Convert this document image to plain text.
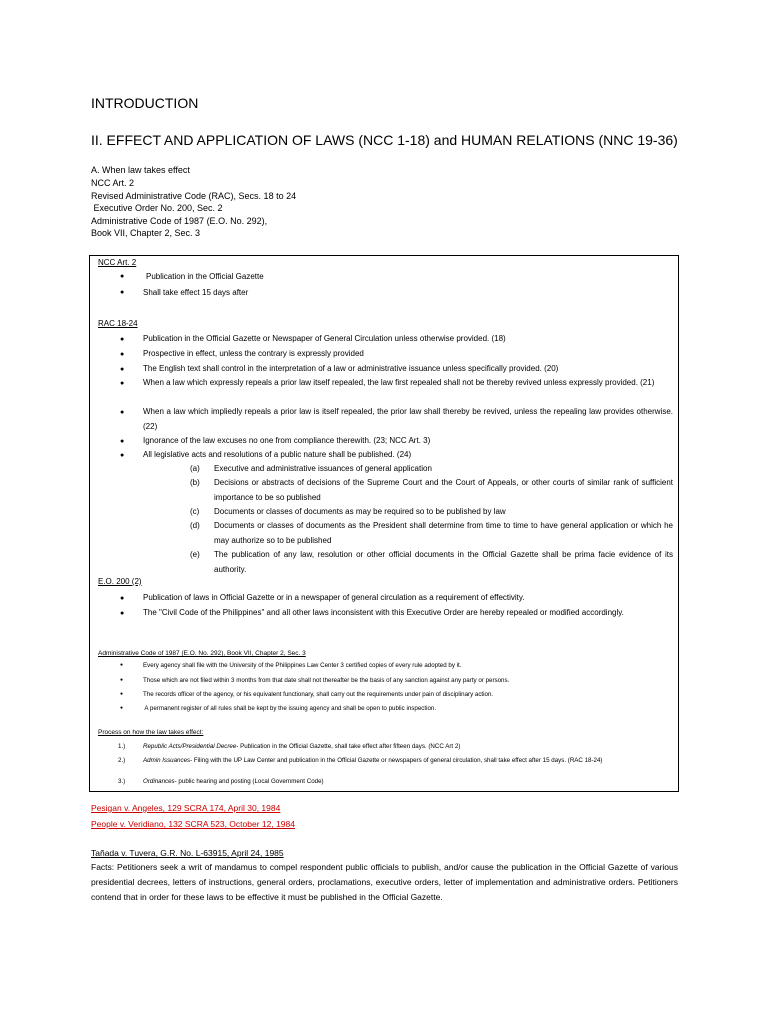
INTRODUCTION
II. EFFECT AND APPLICATION OF LAWS (NCC 1-18) and HUMAN RELATIONS (NNC 19-36)
A. When law takes effect
NCC Art. 2
Revised Administrative Code (RAC), Secs. 18 to 24
Executive Order No. 200, Sec. 2
Administrative Code of 1987 (E.O. No. 292),
Book VII, Chapter 2, Sec. 3
NCC Art. 2
●	Publication in the Official Gazette
● Shall take effect 15 days after
RAC 18-24
● Publication in the Official Gazette or Newspaper of General Circulation unless otherwise provided. (18)
● Prospective in effect, unless the contrary is expressly provided
● The English text shall control in the interpretation of a law or administrative issuance unless specifically provided. (20)
● When a law which expressly repeals a prior law itself repealed, the law first repealed shall not be thereby revived unless expressly provided. (21)
● When a law which impliedly repeals a prior law is itself repealed, the prior law shall thereby be revived, unless the repealing law provides otherwise. (22)
● Ignorance of the law excuses no one from compliance therewith. (23; NCC Art. 3)
● All legislative acts and resolutions of a public nature shall be published. (24)
(a) Executive and administrative issuances of general application
(b) Decisions or abstracts of decisions of the Supreme Court and the Court of Appeals, or other courts of similar rank of sufficient importance to be so published
(c) Documents or classes of documents as may be required so to be published by law
(d) Documents or classes of documents as the President shall determine from time to time to have general application or which he may authorize so to be published
(e) The publication of any law, resolution or other official documents in the Official Gazette shall be prima facie evidence of its authority.
E.O. 200 (2)
● Publication of laws in Official Gazette or in a newspaper of general circulation as a requirement of effectivity.
● The "Civil Code of the Philippines" and all other laws inconsistent with this Executive Order are hereby repealed or modified accordingly.
Administrative Code of 1987 (E.O. No. 292), Book VII, Chapter 2, Sec. 3
●	Every agency shall file with the University of the Philippines Law Center 3 certified copies of every rule adopted by it.
●	Those which are not filed within 3 months from that date shall not thereafter be the basis of any sanction against any party or persons.
●	The records officer of the agency, or his equivalent functionary, shall carry out the requirements under pain of disciplinary action.
●	A permanent register of all rules shall be kept by the issuing agency and shall be open to public inspection.
Process on how the law takes effect:
1.)	Republic Acts/Presidential Decree- Publication in the Official Gazette, shall take effect after fifteen days. (NCC Art 2)
2.)	Admin Issuances- Filing with the UP Law Center and publication in the Official Gazette or newspapers of general circulation, shall take effect after 15 days. (RAC 18-24)
3.)	Ordinances- public hearing and posting (Local Government Code)
Pesigan v. Angeles, 129 SCRA 174, April 30, 1984
People v. Veridiano, 132 SCRA 523, October 12, 1984
Tañada v. Tuvera, G.R. No. L-63915, April 24, 1985
Facts: Petitioners seek a writ of mandamus to compel respondent public officials to publish, and/or cause the publication in the Official Gazette of various presidential decrees, letters of instructions, general orders, proclamations, executive orders, letter of implementation and administrative orders. Petitioners contend that in order for these laws to be effective it must be published in the Official Gazette.
